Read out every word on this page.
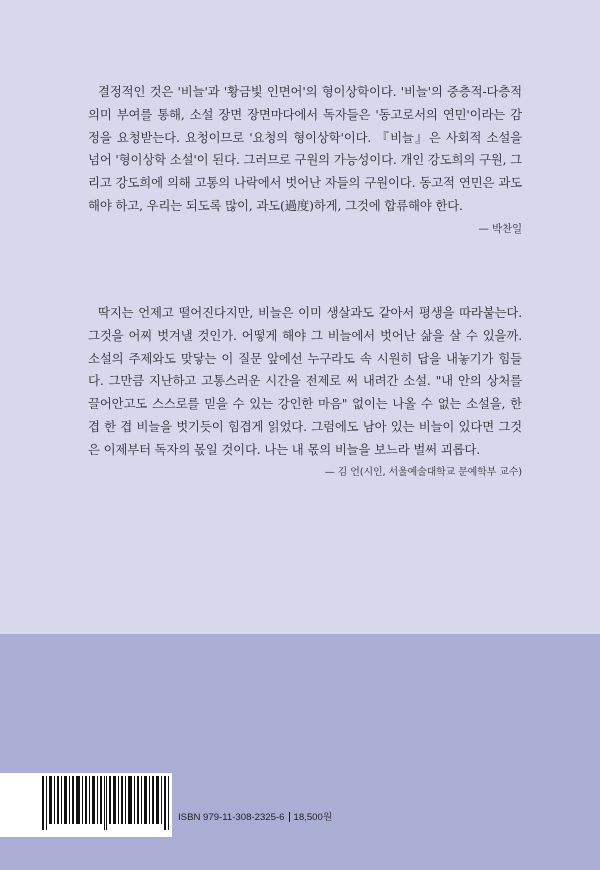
결정적인 것은 '비늘'과 '황금빛 인면어'의 형이상학이다. '비늘'의 중층적-다층적 의미 부여를 통해, 소설 장면 장면마다에서 독자들은 '동고로서의 연민'이라는 감정을 요청받는다. 요청이므로 '요청의 형이상학'이다. 『비늘』은 사회적 소설을 넘어 '형이상학 소설'이 된다. 그러므로 구원의 가능성이다. 개인 강도희의 구원, 그리고 강도희에 의해 고통의 나락에서 벗어난 자들의 구원이다. 동고적 연민은 과도해야 하고, 우리는 되도록 많이, 과도(過度)하게, 그것에 합류해야 한다.

— 박찬일

딱지는 언제고 떨어진다지만, 비늘은 이미 생살과도 같아서 평생을 따라붙는다. 그것을 어찌 벗겨낼 것인가. 어떻게 해야 그 비늘에서 벗어난 삶을 살 수 있을까. 소설의 주제와도 맞닿는 이 질문 앞에선 누구라도 속 시원히 답을 내놓기가 힘들다. 그만큼 지난하고 고통스러운 시간을 전제로 써 내려간 소설. "내 안의 상처를 끌어안고도 스스로를 믿을 수 있는 강인한 마음" 없이는 나올 수 없는 소설을, 한 겹 한 겹 비늘을 벗기듯이 힘겹게 읽었다. 그럼에도 남아 있는 비늘이 있다면 그것은 이제부터 독자의 몫일 것이다. 나는 내 몫의 비늘을 보느라 벌써 괴롭다.

— 김 언(시인, 서울예술대학교 문예학부 교수)

ISBN 979-11-308-2325-6 18,500원
